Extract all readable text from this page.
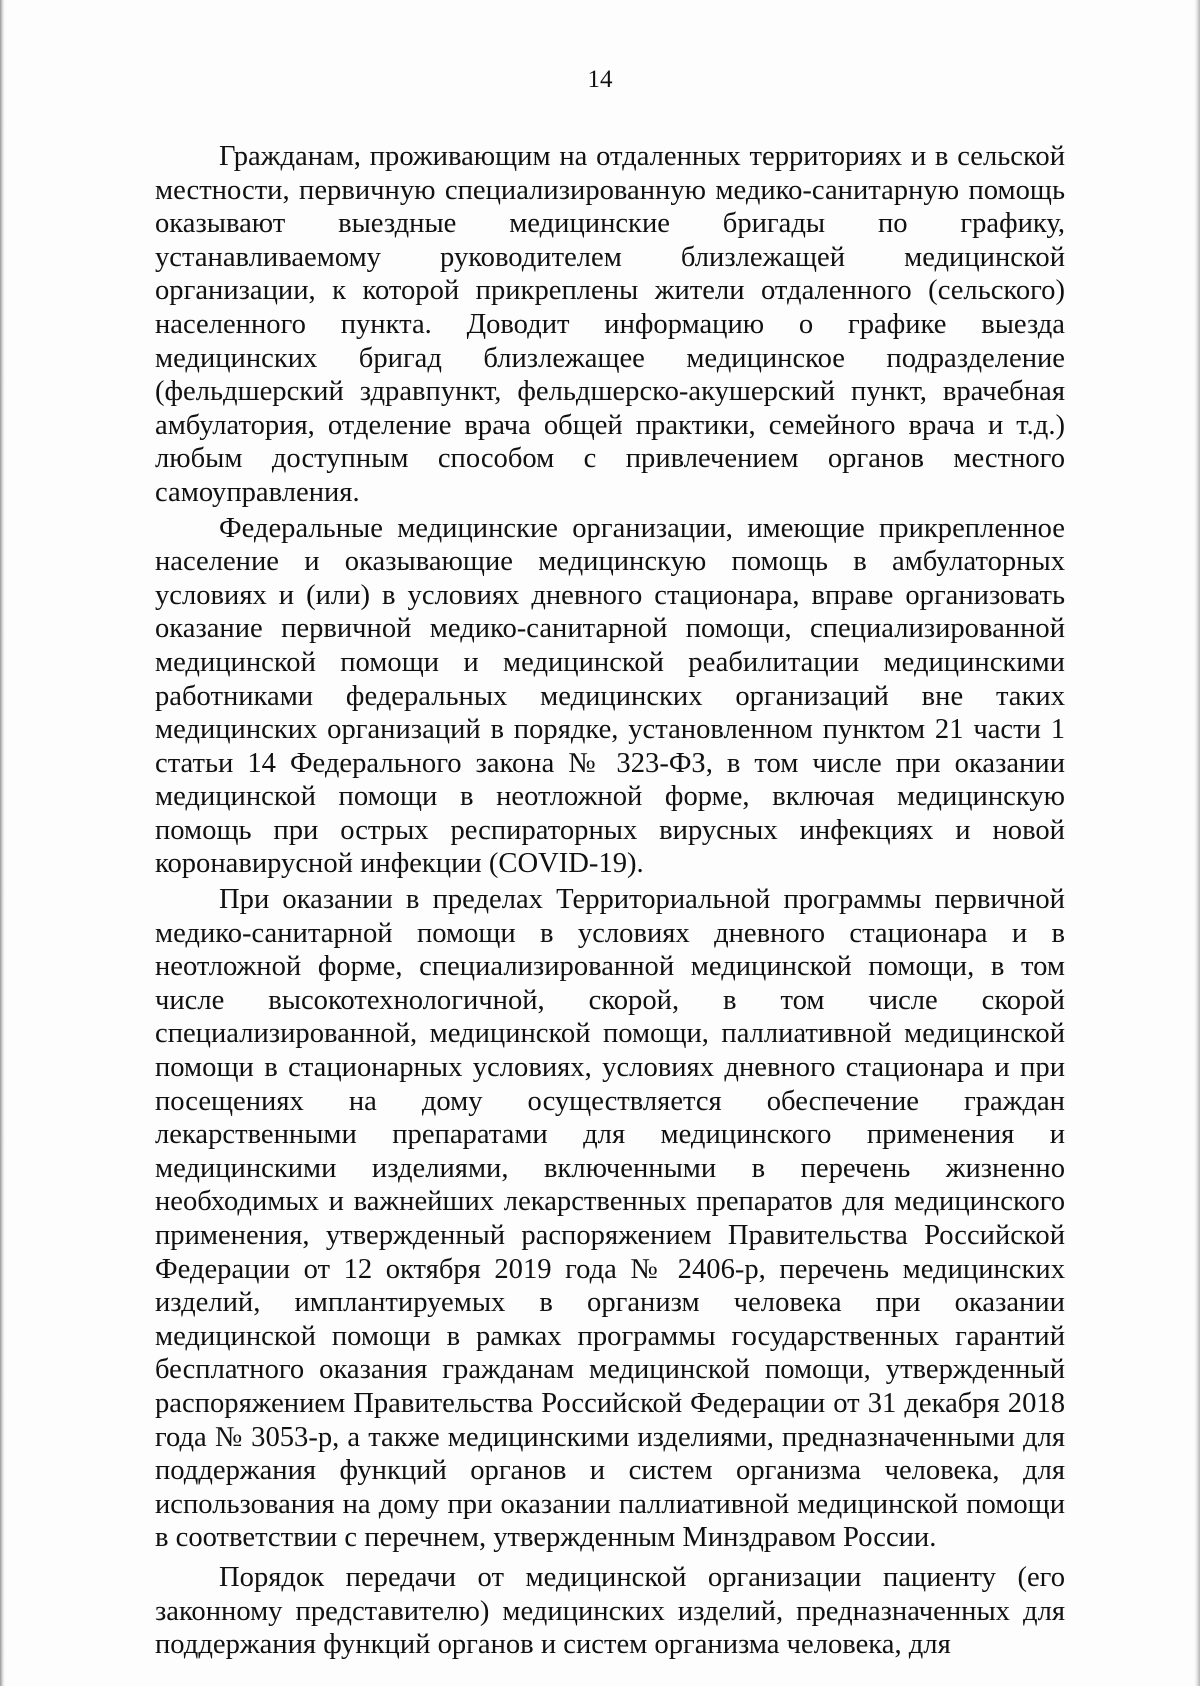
14

Гражданам, проживающим на отдаленных территориях и в сельской местности, первичную специализированную медико-санитарную помощь оказывают выездные медицинские бригады по графику, устанавливаемому руководителем близлежащей медицинской организации, к которой прикреплены жители отдаленного (сельского) населенного пункта. Доводит информацию о графике выезда медицинских бригад близлежащее медицинское подразделение (фельдшерский здравпункт, фельдшерско-акушерский пункт, врачебная амбулатория, отделение врача общей практики, семейного врача и т.д.) любым доступным способом с привлечением органов местного самоуправления.

Федеральные медицинские организации, имеющие прикрепленное население и оказывающие медицинскую помощь в амбулаторных условиях и (или) в условиях дневного стационара, вправе организовать оказание первичной медико-санитарной помощи, специализированной медицинской помощи и медицинской реабилитации медицинскими работниками федеральных медицинских организаций вне таких медицинских организаций в порядке, установленном пунктом 21 части 1 статьи 14 Федерального закона № 323-ФЗ, в том числе при оказании медицинской помощи в неотложной форме, включая медицинскую помощь при острых респираторных вирусных инфекциях и новой коронавирусной инфекции (COVID-19).

При оказании в пределах Территориальной программы первичной медико-санитарной помощи в условиях дневного стационара и в неотложной форме, специализированной медицинской помощи, в том числе высокотехнологичной, скорой, в том числе скорой специализированной, медицинской помощи, паллиативной медицинской помощи в стационарных условиях, условиях дневного стационара и при посещениях на дому осуществляется обеспечение граждан лекарственными препаратами для медицинского применения и медицинскими изделиями, включенными в перечень жизненно необходимых и важнейших лекарственных препаратов для медицинского применения, утвержденный распоряжением Правительства Российской Федерации от 12 октября 2019 года № 2406-р, перечень медицинских изделий, имплантируемых в организм человека при оказании медицинской помощи в рамках программы государственных гарантий бесплатного оказания гражданам медицинской помощи, утвержденный распоряжением Правительства Российской Федерации от 31 декабря 2018 года № 3053-р, а также медицинскими изделиями, предназначенными для поддержания функций органов и систем организма человека, для использования на дому при оказании паллиативной медицинской помощи в соответствии с перечнем, утвержденным Минздравом России.

Порядок передачи от медицинской организации пациенту (его законному представителю) медицинских изделий, предназначенных для поддержания функций органов и систем организма человека, для
